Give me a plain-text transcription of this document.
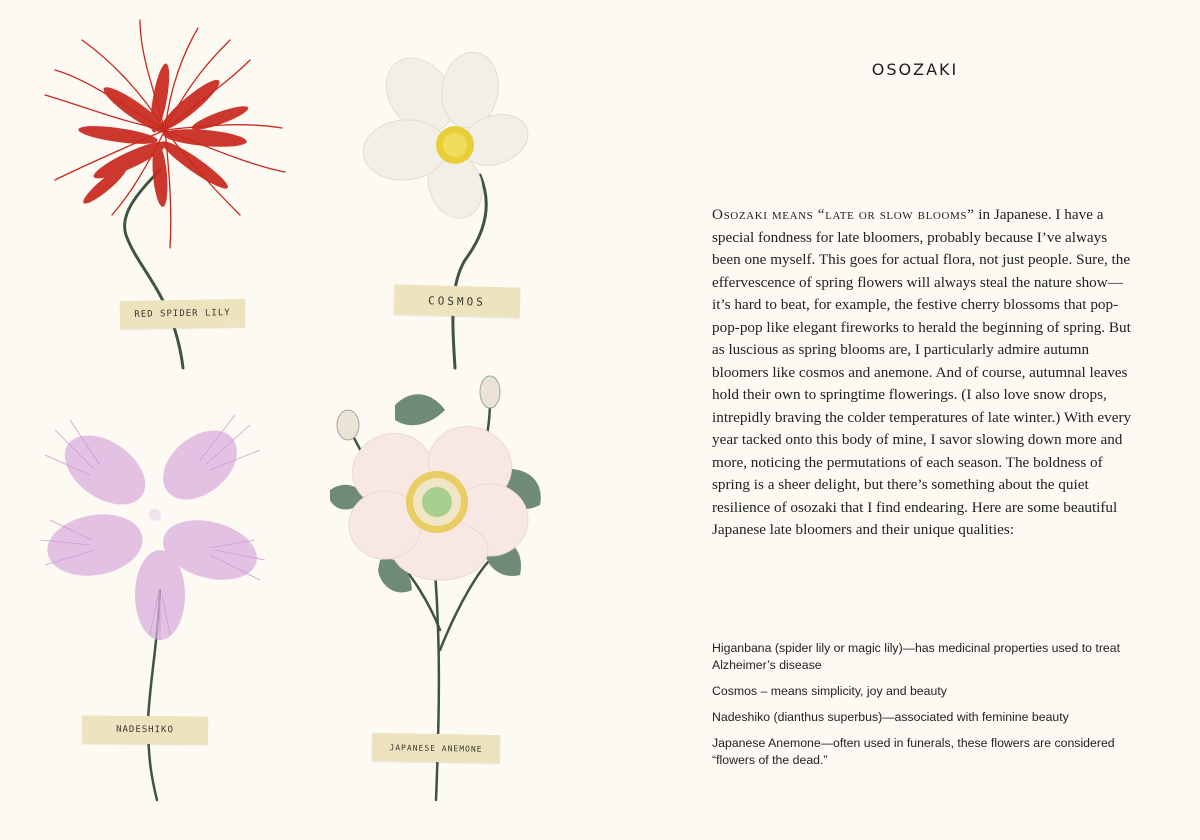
RED SPIDER LILY
COSMOS
NADESHIKO
JAPANESE ANEMONE
OSOZAKI
Osozaki means “late or slow blooms” in Japanese. I have a special fondness for late bloomers, probably because I’ve always been one myself. This goes for actual flora, not just people. Sure, the effervescence of spring flowers will always steal the nature show—it’s hard to beat, for example, the festive cherry blossoms that pop-pop-pop like elegant fireworks to herald the beginning of spring. But as luscious as spring blooms are, I particularly admire autumn bloomers like cosmos and anemone. And of course, autumnal leaves hold their own to springtime flowerings. (I also love snow drops, intrepidly braving the colder temperatures of late winter.) With every year tacked onto this body of mine, I savor slowing down more and more, noticing the permutations of each season. The boldness of spring is a sheer delight, but there’s something about the quiet resilience of osozaki that I find endearing. Here are some beautiful Japanese late bloomers and their unique qualities:
Higanbana (spider lily or magic lily)—has medicinal properties used to treat Alzheimer’s disease
Cosmos – means simplicity, joy and beauty
Nadeshiko (dianthus superbus)—associated with feminine beauty
Japanese Anemone—often used in funerals, these flowers are considered “flowers of the dead.”
